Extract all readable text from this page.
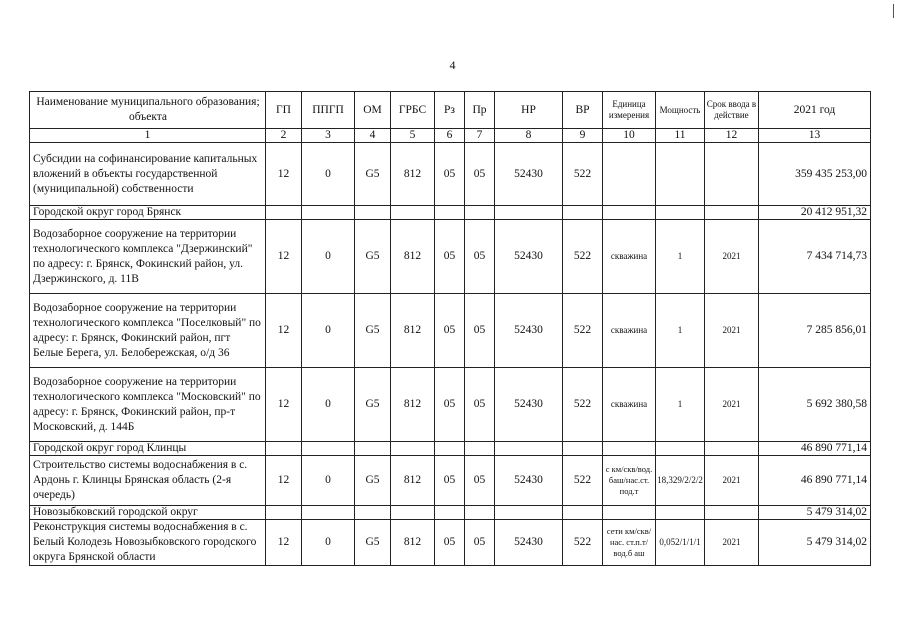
4
Наименование муниципального образования; объекта	ГП	ППГП	ОМ	ГРБС	Рз	Пр	НР	ВР	Единица измерения	Мощность	Срок ввода в действие	2021 год
1	2	3	4	5	6	7	8	9	10	11	12	13
Субсидии на софинансирование капитальных вложений в объекты государственной (муниципальной) собственности	12	0	G5	812	05	05	52430	522				359 435 253,00
Городской округ город Брянск												20 412 951,32
Водозаборное сооружение на территории технологического комплекса "Дзержинский" по адресу: г. Брянск, Фокинский район, ул. Дзержинского, д. 11В	12	0	G5	812	05	05	52430	522	скважина	1	2021	7 434 714,73
Водозаборное сооружение на территории технологического комплекса "Поселковый" по адресу: г. Брянск, Фокинский район, пгт Белые Берега, ул. Белобережская, о/д 36	12	0	G5	812	05	05	52430	522	скважина	1	2021	7 285 856,01
Водозаборное сооружение на территории технологического комплекса "Московский" по адресу: г. Брянск, Фокинский район, пр-т Московский, д. 144Б	12	0	G5	812	05	05	52430	522	скважина	1	2021	5 692 380,58
Городской округ город Клинцы												46 890 771,14
Строительство системы водоснабжения в с. Ардонь г. Клинцы Брянская область (2-я очередь)	12	0	G5	812	05	05	52430	522	с км/скв/вод. баш/нас.ст. под.т	18,329/2/2/2	2021	46 890 771,14
Новозыбковский городской округ												5 479 314,02
Реконструкция системы водоснабжения в с. Белый Колодезь Новозыбковского городского округа Брянской области	12	0	G5	812	05	05	52430	522	сети км/скв/нас. ст.п.т/вод.б аш	0,052/1/1/1	2021	5 479 314,02
